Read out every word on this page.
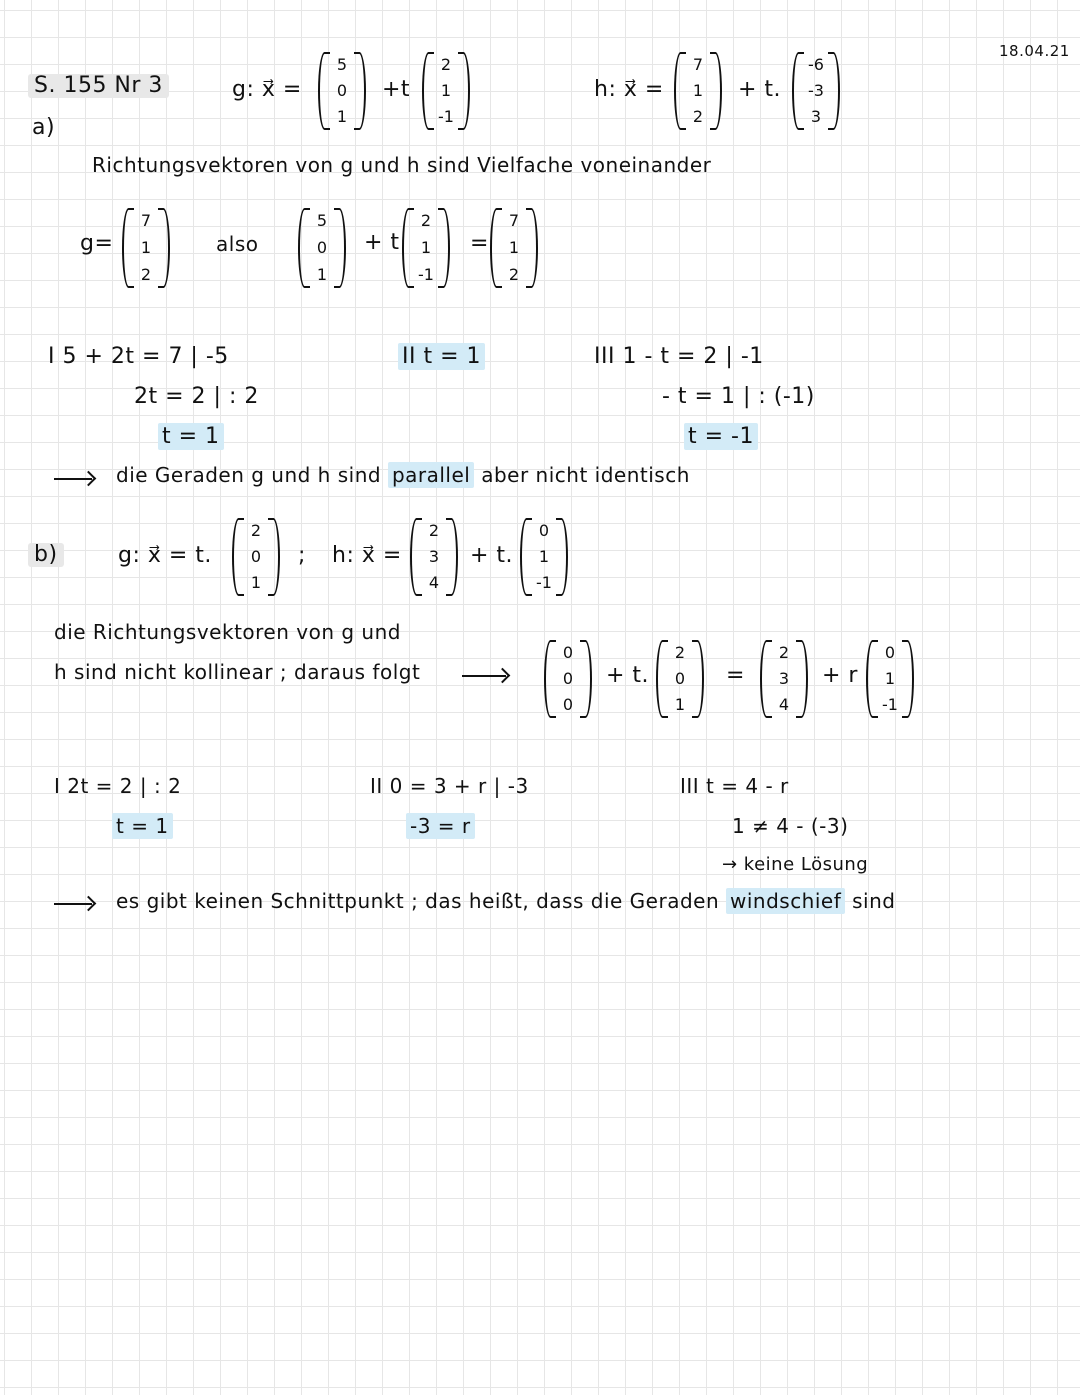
18.04.21
S. 155 Nr 3
a)
g: x⃗ =
5
0
1
+t
2
1
-1
h: x⃗ =
7
1
2
+ t.
-6
-3
3
Richtungsvektoren von g und h sind Vielfache voneinander
g=
7
1
2
also
5
0
1
+ t
2
1
-1
=
7
1
2
I 5 + 2t = 7 | -5
2t = 2 | : 2
t = 1
II t = 1	III 1 - t = 2 | -1
- t = 1 | : (-1)
t = -1
die Geraden g und h sind parallel aber nicht identisch
b)	g: x⃗ = t.
2
0
1
; h: x⃗ =
2
3
4
+ t.
0
1
-1
die Richtungsvektoren von g und
h sind nicht kollinear ; daraus folgt
0
0
0
+ t.
2
0
1
=
2
3
4
+ r
0
1
-1
I 2t = 2 | : 2
t = 1
II 0 = 3 + r | -3
-3 = r
III t = 4 - r
1 ≠ 4 - (-3)
→ keine Lösung
es gibt keinen Schnittpunkt ; das heißt, dass die Geraden windschief sind
